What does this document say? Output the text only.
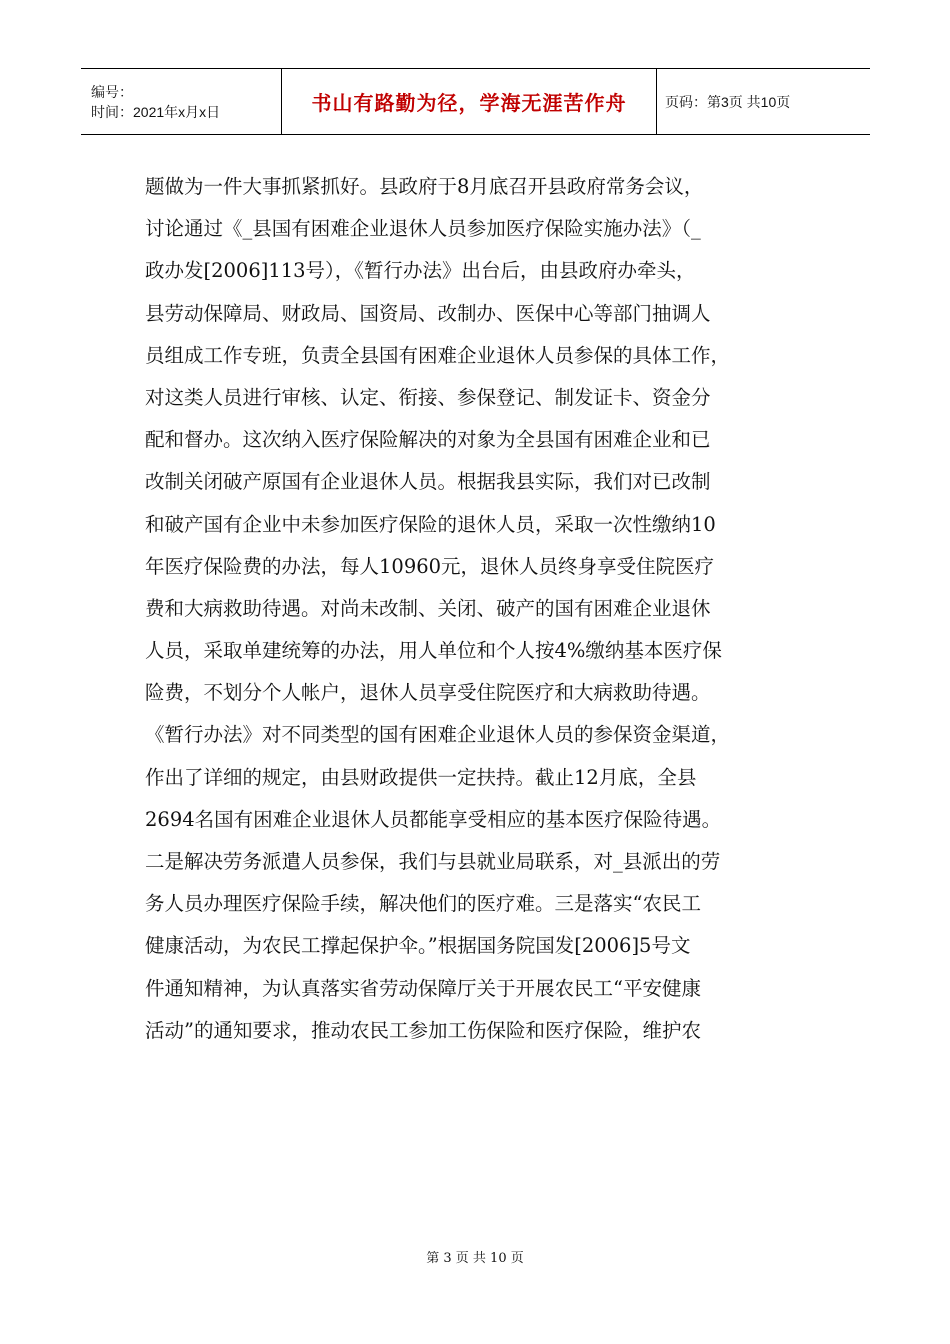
编号：
时间：2021年x月x日	书山有路勤为径，学海无涯苦作舟	页码：第3页 共10页
题做为一件大事抓紧抓好。县政府于8月底召开县政府常务会议，
讨论通过《_县国有困难企业退休人员参加医疗保险实施办法》（_
政办发[2006]113号），《暂行办法》出台后，由县政府办牵头，
县劳动保障局、财政局、国资局、改制办、医保中心等部门抽调人
员组成工作专班，负责全县国有困难企业退休人员参保的具体工作，
对这类人员进行审核、认定、衔接、参保登记、制发证卡、资金分
配和督办。这次纳入医疗保险解决的对象为全县国有困难企业和已
改制关闭破产原国有企业退休人员。根据我县实际，我们对已改制
和破产国有企业中未参加医疗保险的退休人员，采取一次性缴纳10
年医疗保险费的办法，每人10960元，退休人员终身享受住院医疗
费和大病救助待遇。对尚未改制、关闭、破产的国有困难企业退休
人员，采取单建统筹的办法，用人单位和个人按4%缴纳基本医疗保
险费，不划分个人帐户，退休人员享受住院医疗和大病救助待遇。
《暂行办法》对不同类型的国有困难企业退休人员的参保资金渠道，
作出了详细的规定，由县财政提供一定扶持。截止12月底，全县
2694名国有困难企业退休人员都能享受相应的基本医疗保险待遇。
二是解决劳务派遣人员参保，我们与县就业局联系，对_县派出的劳
务人员办理医疗保险手续，解决他们的医疗难。三是落实“农民工
健康活动，为农民工撑起保护伞。”根据国务院国发[2006]5号文
件通知精神，为认真落实省劳动保障厅关于开展农民工“平安健康
活动”的通知要求，推动农民工参加工伤保险和医疗保险，维护农
第 3 页 共 10 页
